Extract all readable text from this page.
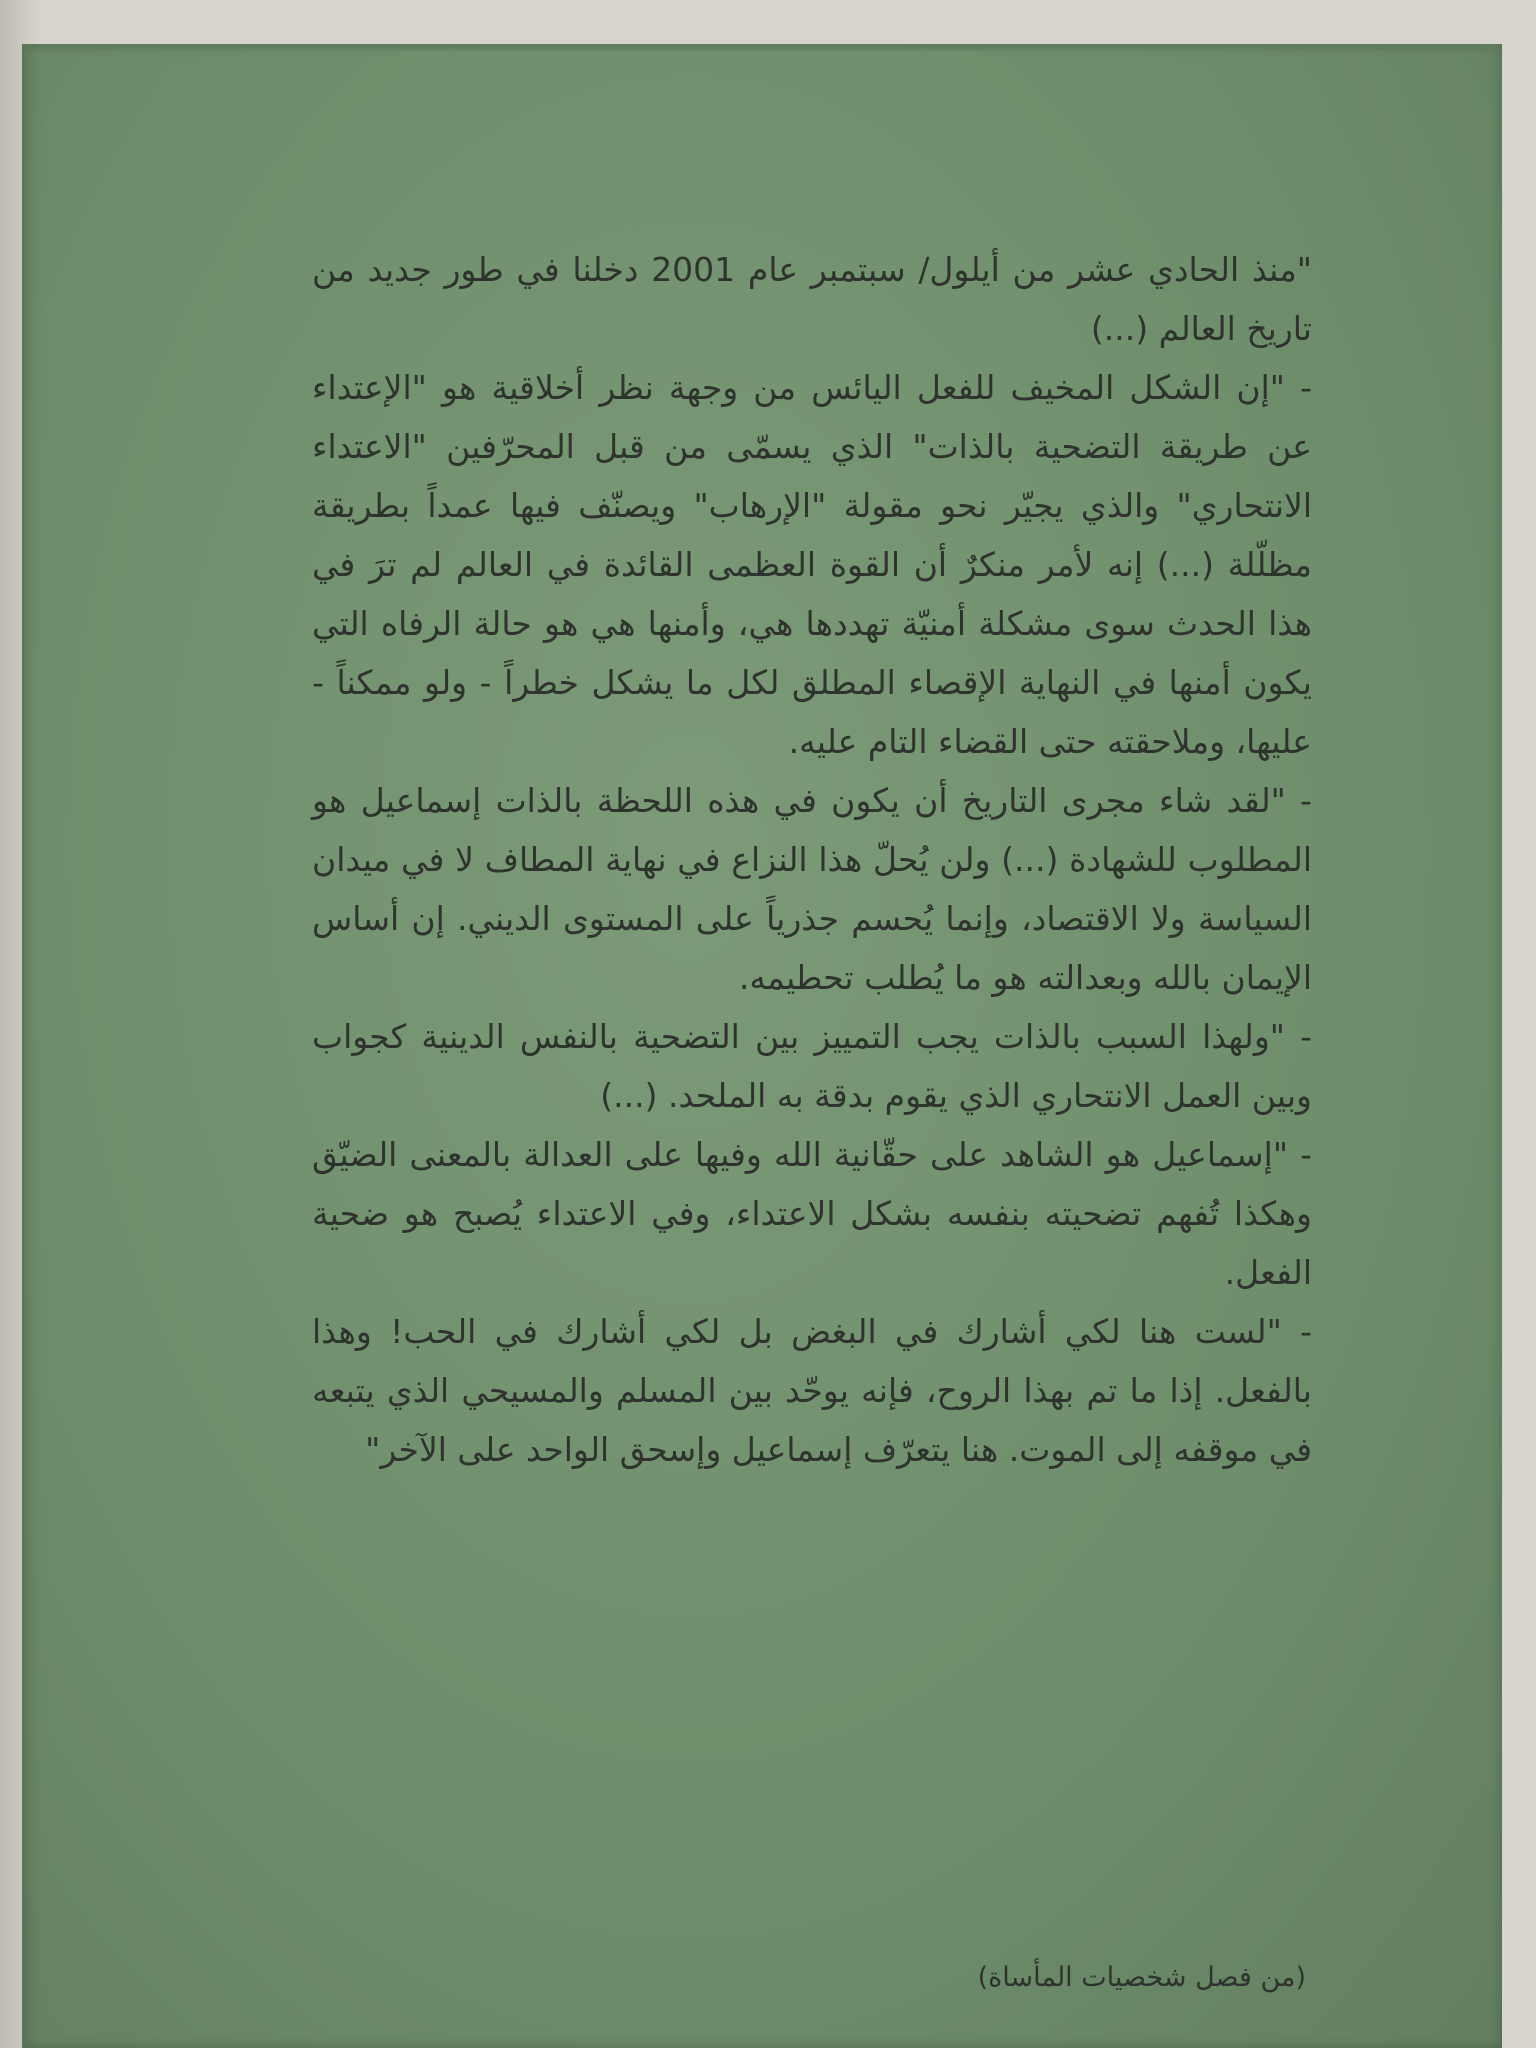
"منذ الحادي عشر من أيلول/ سبتمبر عام 2001 دخلنا في طور جديد من تاريخ العالم (...)

- "إن الشكل المخيف للفعل اليائس من وجهة نظر أخلاقية هو "الإعتداء عن طريقة التضحية بالذات" الذي يسمّى من قبل المحرّفين "الاعتداء الانتحاري" والذي يجيّر نحو مقولة "الإرهاب" ويصنّف فيها عمداً بطريقة مظلّلة (...) إنه لأمر منكرٌ أن القوة العظمى القائدة في العالم لم ترَ في هذا الحدث سوى مشكلة أمنيّة تهددها هي، وأمنها هي هو حالة الرفاه التي يكون أمنها في النهاية الإقصاء المطلق لكل ما يشكل خطراً - ولو ممكناً - عليها، وملاحقته حتى القضاء التام عليه.

- "لقد شاء مجرى التاريخ أن يكون في هذه اللحظة بالذات إسماعيل هو المطلوب للشهادة (...) ولن يُحلّ هذا النزاع في نهاية المطاف لا في ميدان السياسة ولا الاقتصاد، وإنما يُحسم جذرياً على المستوى الديني. إن أساس الإيمان بالله وبعدالته هو ما يُطلب تحطيمه.

- "ولهذا السبب بالذات يجب التمييز بين التضحية بالنفس الدينية كجواب وبين العمل الانتحاري الذي يقوم بدقة به الملحد. (...)

- "إسماعيل هو الشاهد على حقّانية الله وفيها على العدالة بالمعنى الضيّق وهكذا تُفهم تضحيته بنفسه بشكل الاعتداء، وفي الاعتداء يُصبح هو ضحية الفعل.

- "لست هنا لكي أشارك في البغض بل لكي أشارك في الحب! وهذا بالفعل. إذا ما تم بهذا الروح، فإنه يوحّد بين المسلم والمسيحي الذي يتبعه في موقفه إلى الموت. هنا يتعرّف إسماعيل وإسحق الواحد على الآخر"

(من فصل شخصيات المأساة)
